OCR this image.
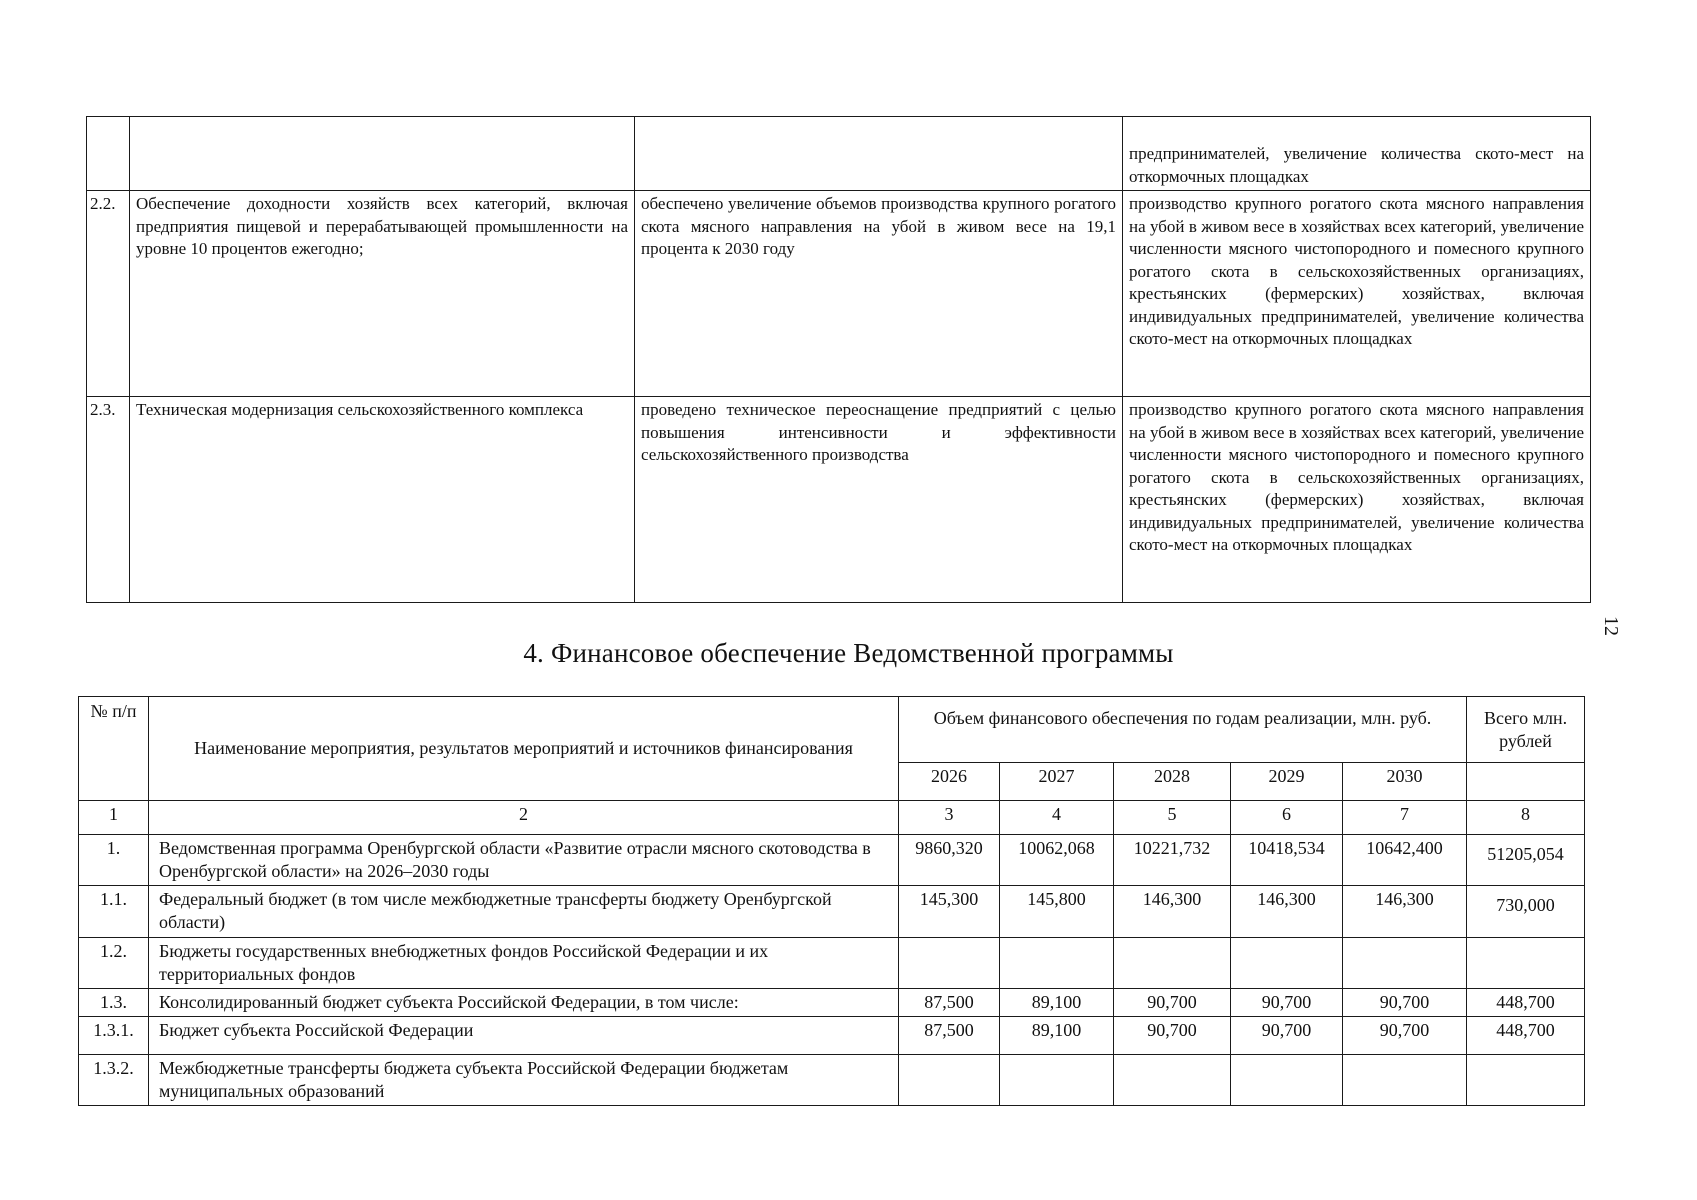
			предпринимателей, увеличение количества ското-мест на откормочных площадках
2.2.	Обеспечение доходности хозяйств всех категорий, включая предприятия пищевой и перерабатывающей промышленности на уровне 10 процентов ежегодно;	обеспечено увеличение объемов производства крупного рогатого скота мясного направления на убой в живом весе на 19,1 процента к 2030 году	производство крупного рогатого скота мясного направления на убой в живом весе в хозяйствах всех категорий, увеличение численности мясного чистопородного и помесного крупного рогатого скота в сельскохозяйственных организациях, крестьянских (фермерских) хозяйствах, включая индивидуальных предпринимателей, увеличение количества ското-мест на откормочных площадках
2.3.	Техническая модернизация сельскохозяйственного комплекса	проведено техническое переоснащение предприятий с целью повышения интенсивности и эффективности сельскохозяйственного производства	производство крупного рогатого скота мясного направления на убой в живом весе в хозяйствах всех категорий, увеличение численности мясного чистопородного и помесного крупного рогатого скота в сельскохозяйственных организациях, крестьянских (фермерских) хозяйствах, включая индивидуальных предпринимателей, увеличение количества ското-мест на откормочных площадках
12
4. Финансовое обеспечение Ведомственной программы
№ п/п	Наименование мероприятия, результатов мероприятий и источников финансирования	Объем финансового обеспечения по годам реализации, млн. руб.					Всего млн. рублей
		2026	2027	2028	2029	2030	
1	2	3	4	5	6	7	8
1.	Ведомственная программа Оренбургской области «Развитие отрасли мясного скотоводства в Оренбургской области» на 2026–2030 годы	9860,320	10062,068	10221,732	10418,534	10642,400	51205,054
1.1.	Федеральный бюджет (в том числе межбюджетные трансферты бюджету Оренбургской области)	145,300	145,800	146,300	146,300	146,300	730,000
1.2.	Бюджеты государственных внебюджетных фондов Российской Федерации и их территориальных фондов						
1.3.	Консолидированный бюджет субъекта Российской Федерации, в том числе:	87,500	89,100	90,700	90,700	90,700	448,700
1.3.1.	Бюджет субъекта Российской Федерации	87,500	89,100	90,700	90,700	90,700	448,700
1.3.2.	Межбюджетные трансферты бюджета субъекта Российской Федерации бюджетам муниципальных образований						
